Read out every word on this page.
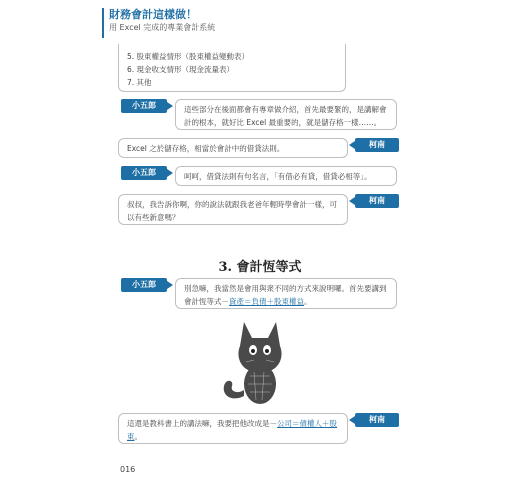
財務會計這樣做！
用 Excel 完成的專業會計系統
5. 股東權益情形（股東權益變動表）
6. 現金收支情形（現金流量表）
7. 其他
小五郎	這些部分在後面都會有專章做介紹，首先最要緊的，是講解會計的根本，就好比 Excel 最重要的，就是儲存格一樣……。
Excel 之於儲存格，相當於會計中的借貸法則。	柯南
小五郎	呵呵，借貸法則有句名言，「有借必有貸，借貸必相等」。
叔叔，我告訴你啊，你的說法就跟我老爸年輕時學會計一樣，可以有些新意嗎？
柯南
3. 會計恆等式
小五郎	別急嘛，我當然是會用與衆不同的方式來說明囉。首先要講到會計恆等式－資產＝負債＋股東權益。
這還是教科書上的講法嘛，我要把他改成是－公司＝債權人＋股東。
柯南
016
